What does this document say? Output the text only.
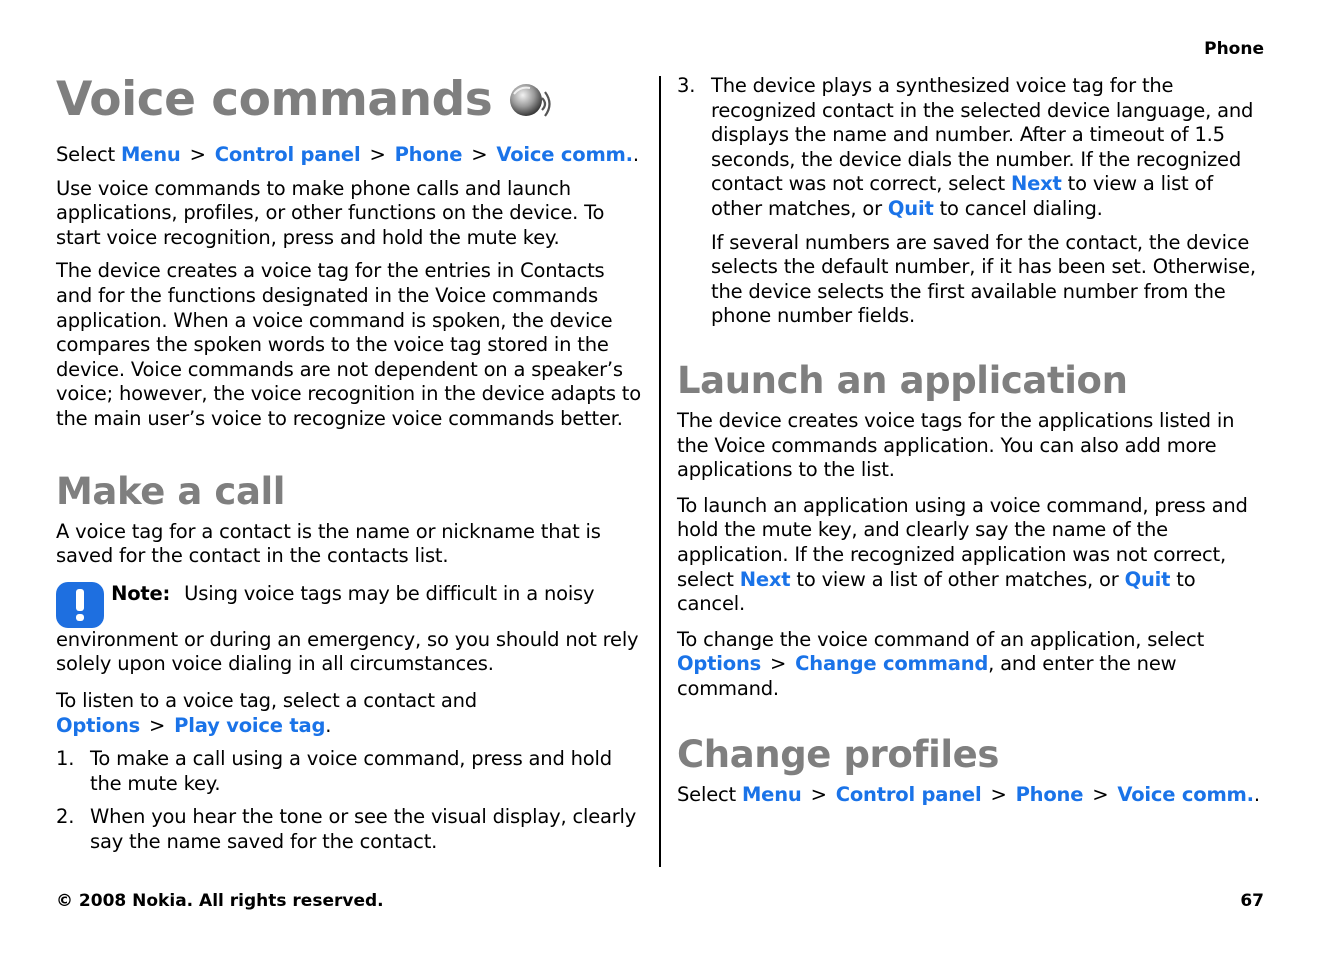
Phone
Voice commands

Select Menu > Control panel > Phone > Voice comm..

Use voice commands to make phone calls and launch applications, profiles, or other functions on the device. To start voice recognition, press and hold the mute key.

The device creates a voice tag for the entries in Contacts and for the functions designated in the Voice commands application. When a voice command is spoken, the device compares the spoken words to the voice tag stored in the device. Voice commands are not dependent on a speaker’s voice; however, the voice recognition in the device adapts to the main user’s voice to recognize voice commands better.

Make a call

A voice tag for a contact is the name or nickname that is saved for the contact in the contacts list.

Note: Using voice tags may be difficult in a noisy environment or during an emergency, so you should not rely solely upon voice dialing in all circumstances.

To listen to a voice tag, select a contact and Options > Play voice tag.

1. To make a call using a voice command, press and hold the mute key.
2. When you hear the tone or see the visual display, clearly say the name saved for the contact.
3. The device plays a synthesized voice tag for the recognized contact in the selected device language, and displays the name and number. After a timeout of 1.5 seconds, the device dials the number. If the recognized contact was not correct, select Next to view a list of other matches, or Quit to cancel dialing.

If several numbers are saved for the contact, the device selects the default number, if it has been set. Otherwise, the device selects the first available number from the phone number fields.

Launch an application

The device creates voice tags for the applications listed in the Voice commands application. You can also add more applications to the list.

To launch an application using a voice command, press and hold the mute key, and clearly say the name of the application. If the recognized application was not correct, select Next to view a list of other matches, or Quit to cancel.

To change the voice command of an application, select Options > Change command, and enter the new command.

Change profiles

Select Menu > Control panel > Phone > Voice comm..

© 2008 Nokia. All rights reserved.	67
